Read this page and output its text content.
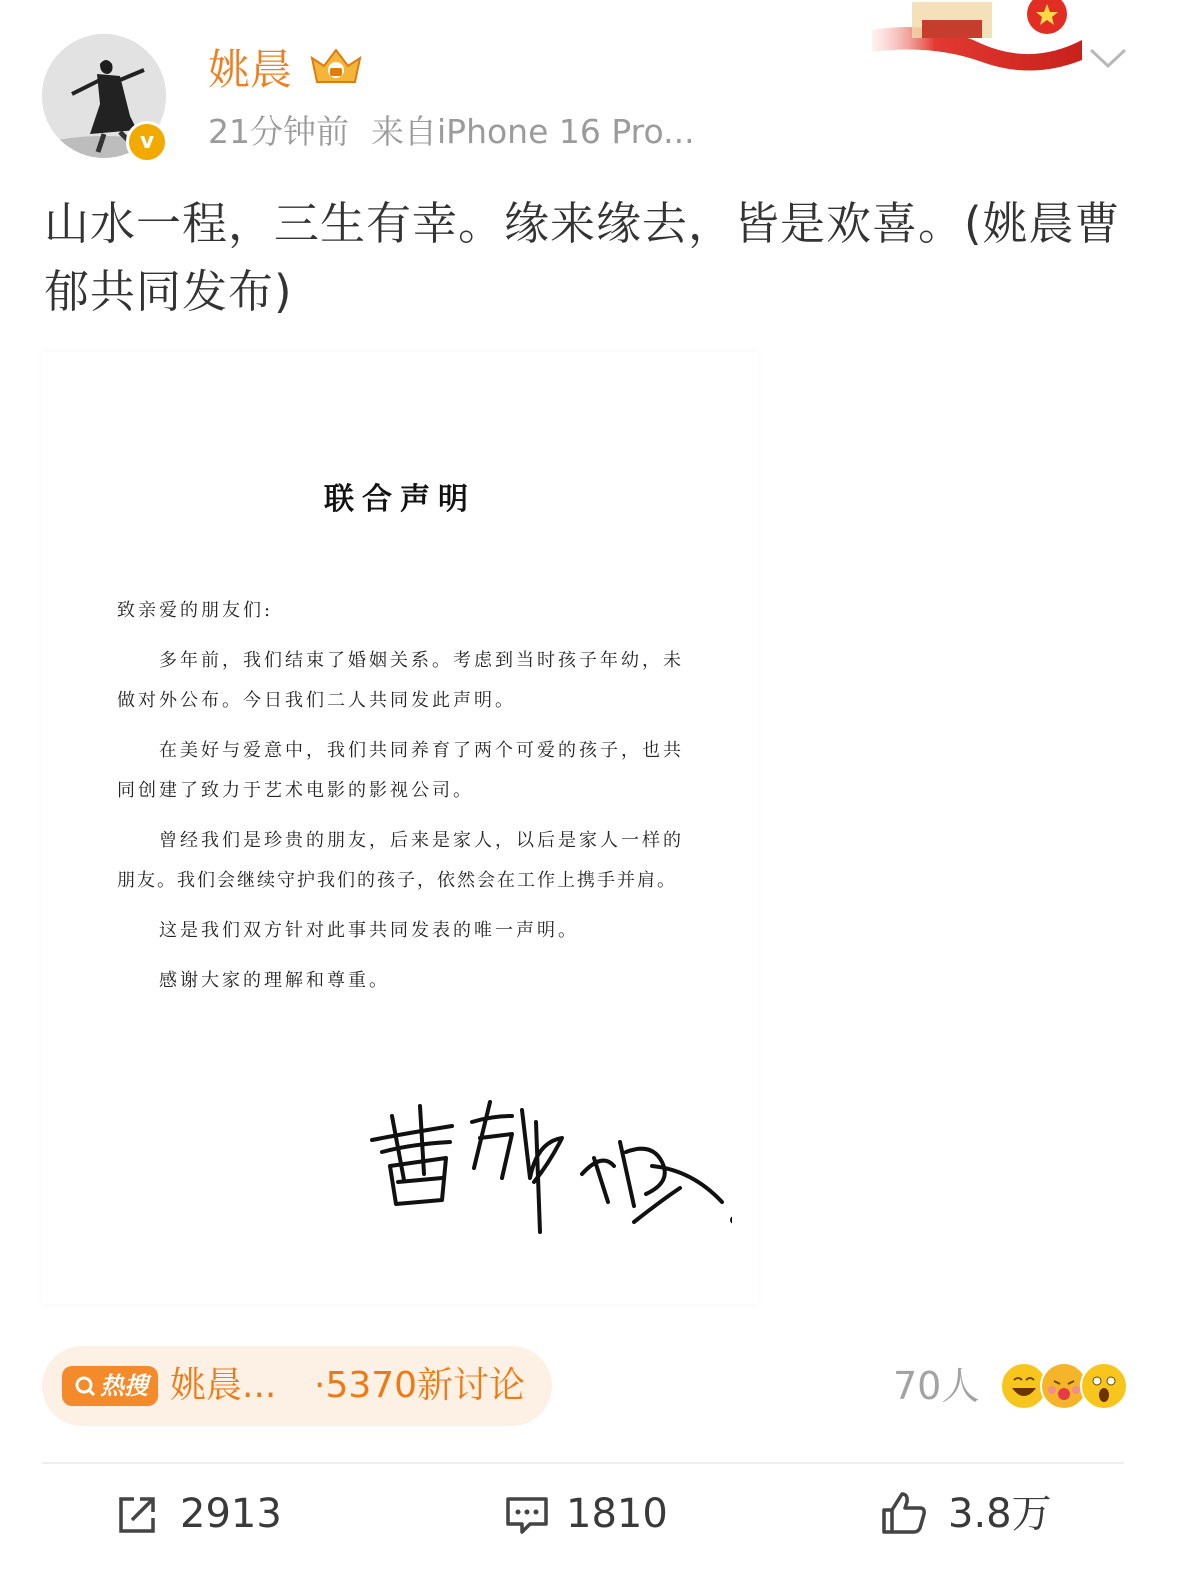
v
姚晨
21分钟前 来自iPhone 16 Pro...
山水一程，三生有幸。缘来缘去，皆是欢喜。(姚晨曹郁共同发布)
联合声明
致亲爱的朋友们:
多年前，我们结束了婚姻关系。考虑到当时孩子年幼，未
做对外公布。今日我们二人共同发此声明。
在美好与爱意中，我们共同养育了两个可爱的孩子，也共
同创建了致力于艺术电影的影视公司。
曾经我们是珍贵的朋友，后来是家人，以后是家人一样的
朋友。我们会继续守护我们的孩子，依然会在工作上携手并肩。
这是我们双方针对此事共同发表的唯一声明。
感谢大家的理解和尊重。
热搜 姚晨... ·5370新讨论	70人
2913	1810	3.8万
